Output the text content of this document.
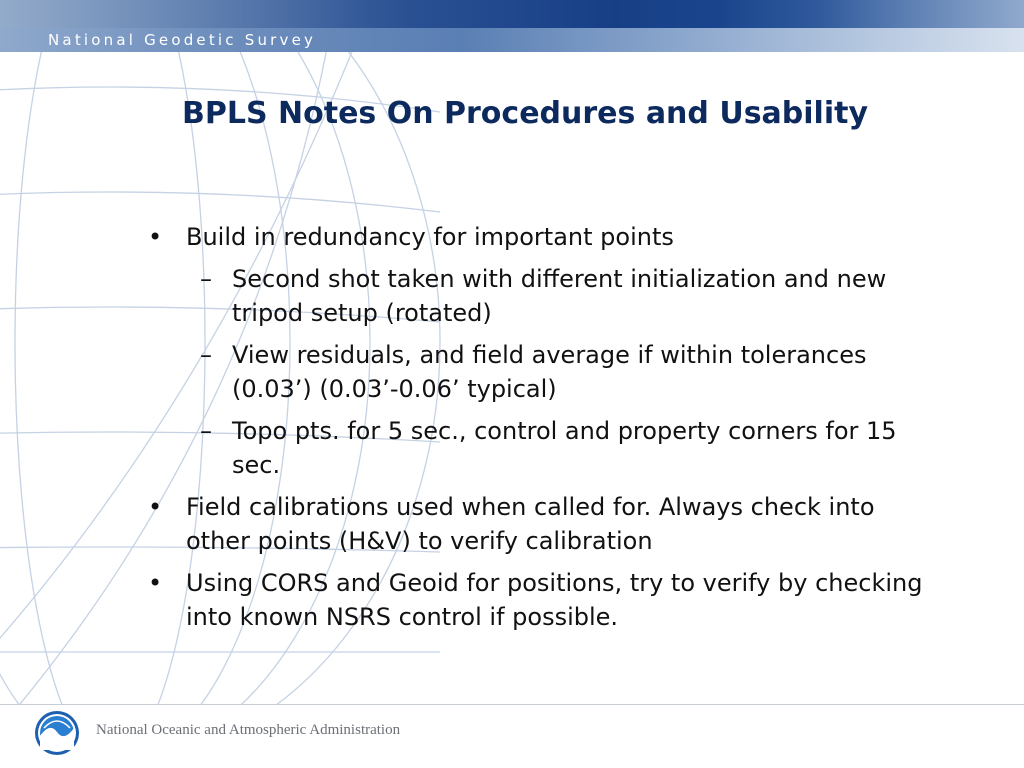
National Geodetic Survey
BPLS Notes On Procedures and Usability
• Build in redundancy for important points
– Second shot taken with different initialization and new tripod setup (rotated)
– View residuals, and field average if within tolerances (0.03’) (0.03’-0.06’ typical)
– Topo pts. for 5 sec., control and property corners for 15 sec.
• Field calibrations used when called for. Always check into other points (H&V) to verify calibration
• Using CORS and Geoid for positions, try to verify by checking into known NSRS control if possible.
National Oceanic and Atmospheric Administration
